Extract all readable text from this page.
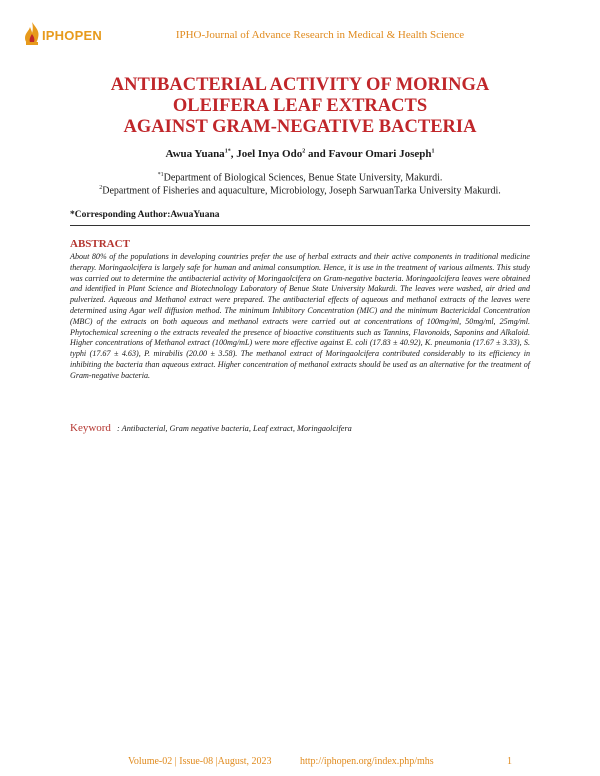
IPHOPEN	IPHO-Journal of Advance Research in Medical & Health Science
ANTIBACTERIAL ACTIVITY OF MORINGA
OLEIFERA LEAF EXTRACTS
AGAINST GRAM-NEGATIVE BACTERIA
Awua Yuana$^{1*}$, Joel Inya Odo$^2$ and Favour Omari Joseph$^1$
$^{*1}$Department of Biological Sciences, Benue State University, Makurdi.
$^2$Department of Fisheries and aquaculture, Microbiology, Joseph SarwuanTarka University Makurdi.
*Corresponding Author:AwuaYuana
ABSTRACT
About 80% of the populations in developing countries prefer the use of herbal extracts and their active components in traditional medicine therapy. Moringaolcifera is largely safe for human and animal consumption. Hence, it is use in the treatment of various ailments. This study was carried out to determine the antibacterial activity of Moringaolcifera on Gram-negative bacteria. Moringaolcifera leaves were obtained and identified in Plant Science and Biotechnology Laboratory of Benue State University Makurdi. The leaves were washed, air dried and pulverized. Aqueous and Methanol extract were prepared. The antibacterial effects of aqueous and methanol extracts of the leaves were determined using Agar well diffusion method. The minimum Inhibitory Concentration (MIC) and the minimum Bactericidal Concentration (MBC) of the extracts on both aqueous and methanol extracts were carried out at concentrations of 100mg/ml, 50mg/ml, 25mg/ml. Phytochemical screening o the extracts revealed the presence of bioactive constituents such as Tannins, Flavonoids, Saponins and Alkaloid. Higher concentrations of Methanol extract (100mg/mL) were more effective against E. coli (17.83 ± 40.92), K. pneumonia (17.67 ± 3.33), S. typhi (17.67 ± 4.63), P. mirabilis (20.00 ± 3.58). The methanol extract of Moringaolcifera contributed considerably to its efficiency in inhibiting the bacteria than aqueous extract. Higher concentration of methanol extracts should be used as an alternative for the treatment of Gram-negative bacteria.
Keyword : Antibacterial, Gram negative bacteria, Leaf extract, Moringaolcifera
Volume-02 | Issue-08 |August, 2023	http://iphopen.org/index.php/mhs	1
